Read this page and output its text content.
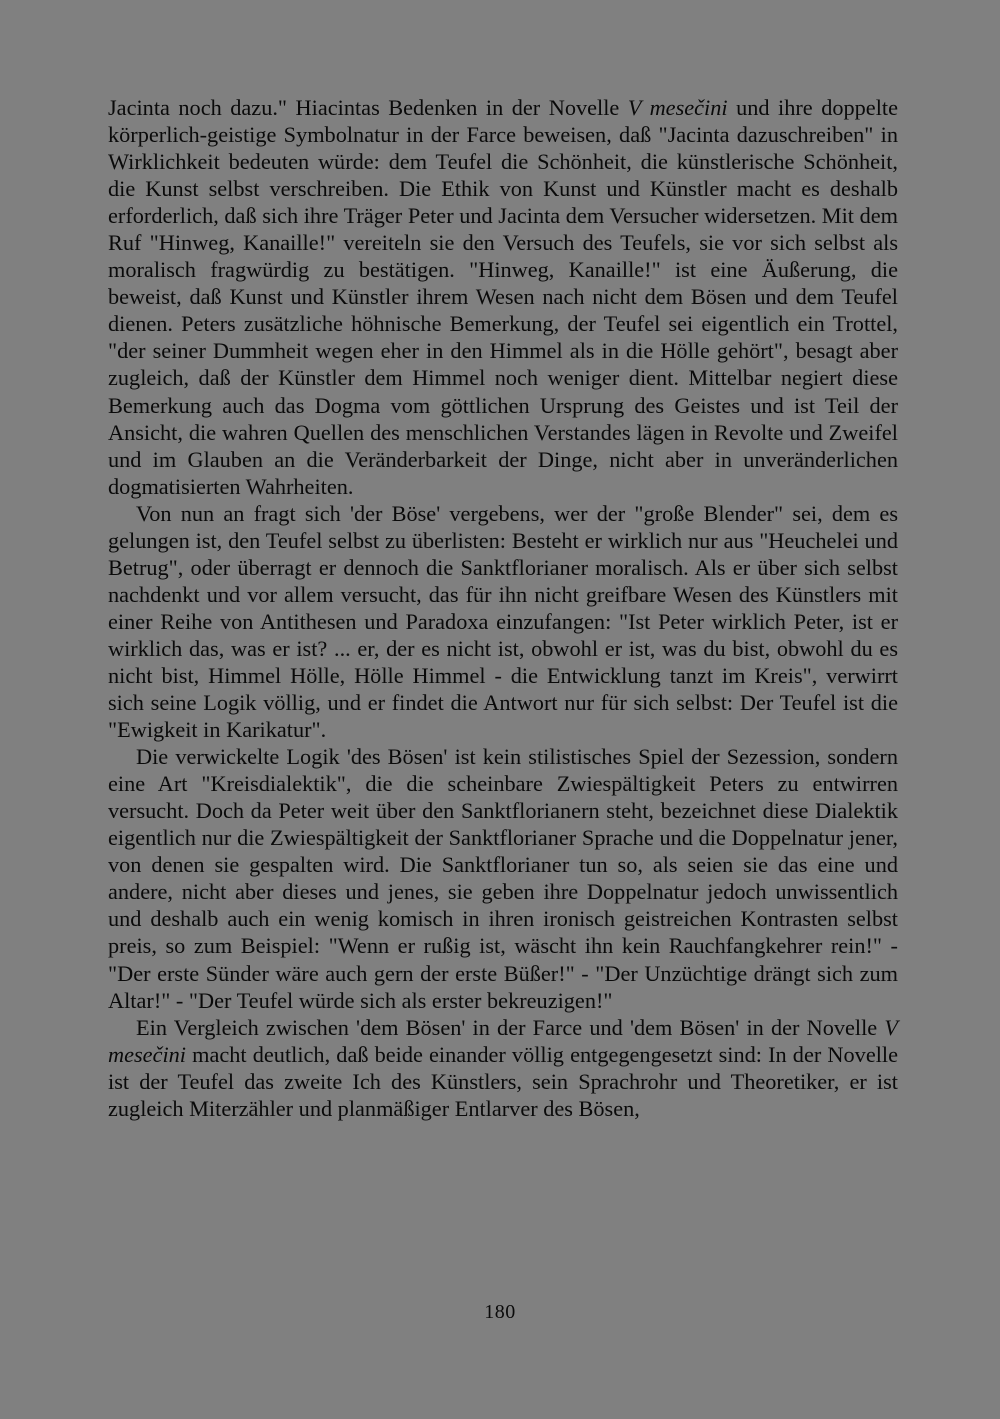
Jacinta noch dazu." Hiacintas Bedenken in der Novelle V mesečini und ihre doppelte körperlich-geistige Symbolnatur in der Farce beweisen, daß "Jacinta dazuschreiben" in Wirklichkeit bedeuten würde: dem Teufel die Schönheit, die künstlerische Schönheit, die Kunst selbst verschreiben. Die Ethik von Kunst und Künstler macht es deshalb erforderlich, daß sich ihre Träger Peter und Jacinta dem Versucher widersetzen. Mit dem Ruf "Hinweg, Kanaille!" vereiteln sie den Versuch des Teufels, sie vor sich selbst als moralisch fragwürdig zu bestätigen. "Hinweg, Kanaille!" ist eine Äußerung, die beweist, daß Kunst und Künstler ihrem Wesen nach nicht dem Bösen und dem Teufel dienen. Peters zusätzliche höhnische Bemerkung, der Teufel sei eigentlich ein Trottel, "der seiner Dummheit wegen eher in den Himmel als in die Hölle gehört", besagt aber zugleich, daß der Künstler dem Himmel noch weniger dient. Mittelbar negiert diese Bemerkung auch das Dogma vom göttlichen Ursprung des Geistes und ist Teil der Ansicht, die wahren Quellen des menschlichen Verstandes lägen in Revolte und Zweifel und im Glauben an die Veränderbarkeit der Dinge, nicht aber in unveränderlichen dogmatisierten Wahrheiten.

Von nun an fragt sich 'der Böse' vergebens, wer der "große Blender" sei, dem es gelungen ist, den Teufel selbst zu überlisten: Besteht er wirklich nur aus "Heuchelei und Betrug", oder überragt er dennoch die Sanktflorianer moralisch. Als er über sich selbst nachdenkt und vor allem versucht, das für ihn nicht greifbare Wesen des Künstlers mit einer Reihe von Antithesen und Paradoxa einzufangen: "Ist Peter wirklich Peter, ist er wirklich das, was er ist? ... er, der es nicht ist, obwohl er ist, was du bist, obwohl du es nicht bist, Himmel Hölle, Hölle Himmel - die Entwicklung tanzt im Kreis", verwirrt sich seine Logik völlig, und er findet die Antwort nur für sich selbst: Der Teufel ist die "Ewigkeit in Karikatur".

Die verwickelte Logik 'des Bösen' ist kein stilistisches Spiel der Sezession, sondern eine Art "Kreisdialektik", die die scheinbare Zwiespältigkeit Peters zu entwirren versucht. Doch da Peter weit über den Sanktflorianern steht, bezeichnet diese Dialektik eigentlich nur die Zwiespältigkeit der Sanktflorianer Sprache und die Doppelnatur jener, von denen sie gespalten wird. Die Sanktflorianer tun so, als seien sie das eine und andere, nicht aber dieses und jenes, sie geben ihre Doppelnatur jedoch unwissentlich und deshalb auch ein wenig komisch in ihren ironisch geistreichen Kontrasten selbst preis, so zum Beispiel: "Wenn er rußig ist, wäscht ihn kein Rauchfangkehrer rein!" -"Der erste Sünder wäre auch gern der erste Büßer!" - "Der Unzüchtige drängt sich zum Altar!" - "Der Teufel würde sich als erster bekreuzigen!"

Ein Vergleich zwischen 'dem Bösen' in der Farce und 'dem Bösen' in der Novelle V mesečini macht deutlich, daß beide einander völlig entgegengesetzt sind: In der Novelle ist der Teufel das zweite Ich des Künstlers, sein Sprachrohr und Theoretiker, er ist zugleich Miterzähler und planmäßiger Entlarver des Bösen,

180
